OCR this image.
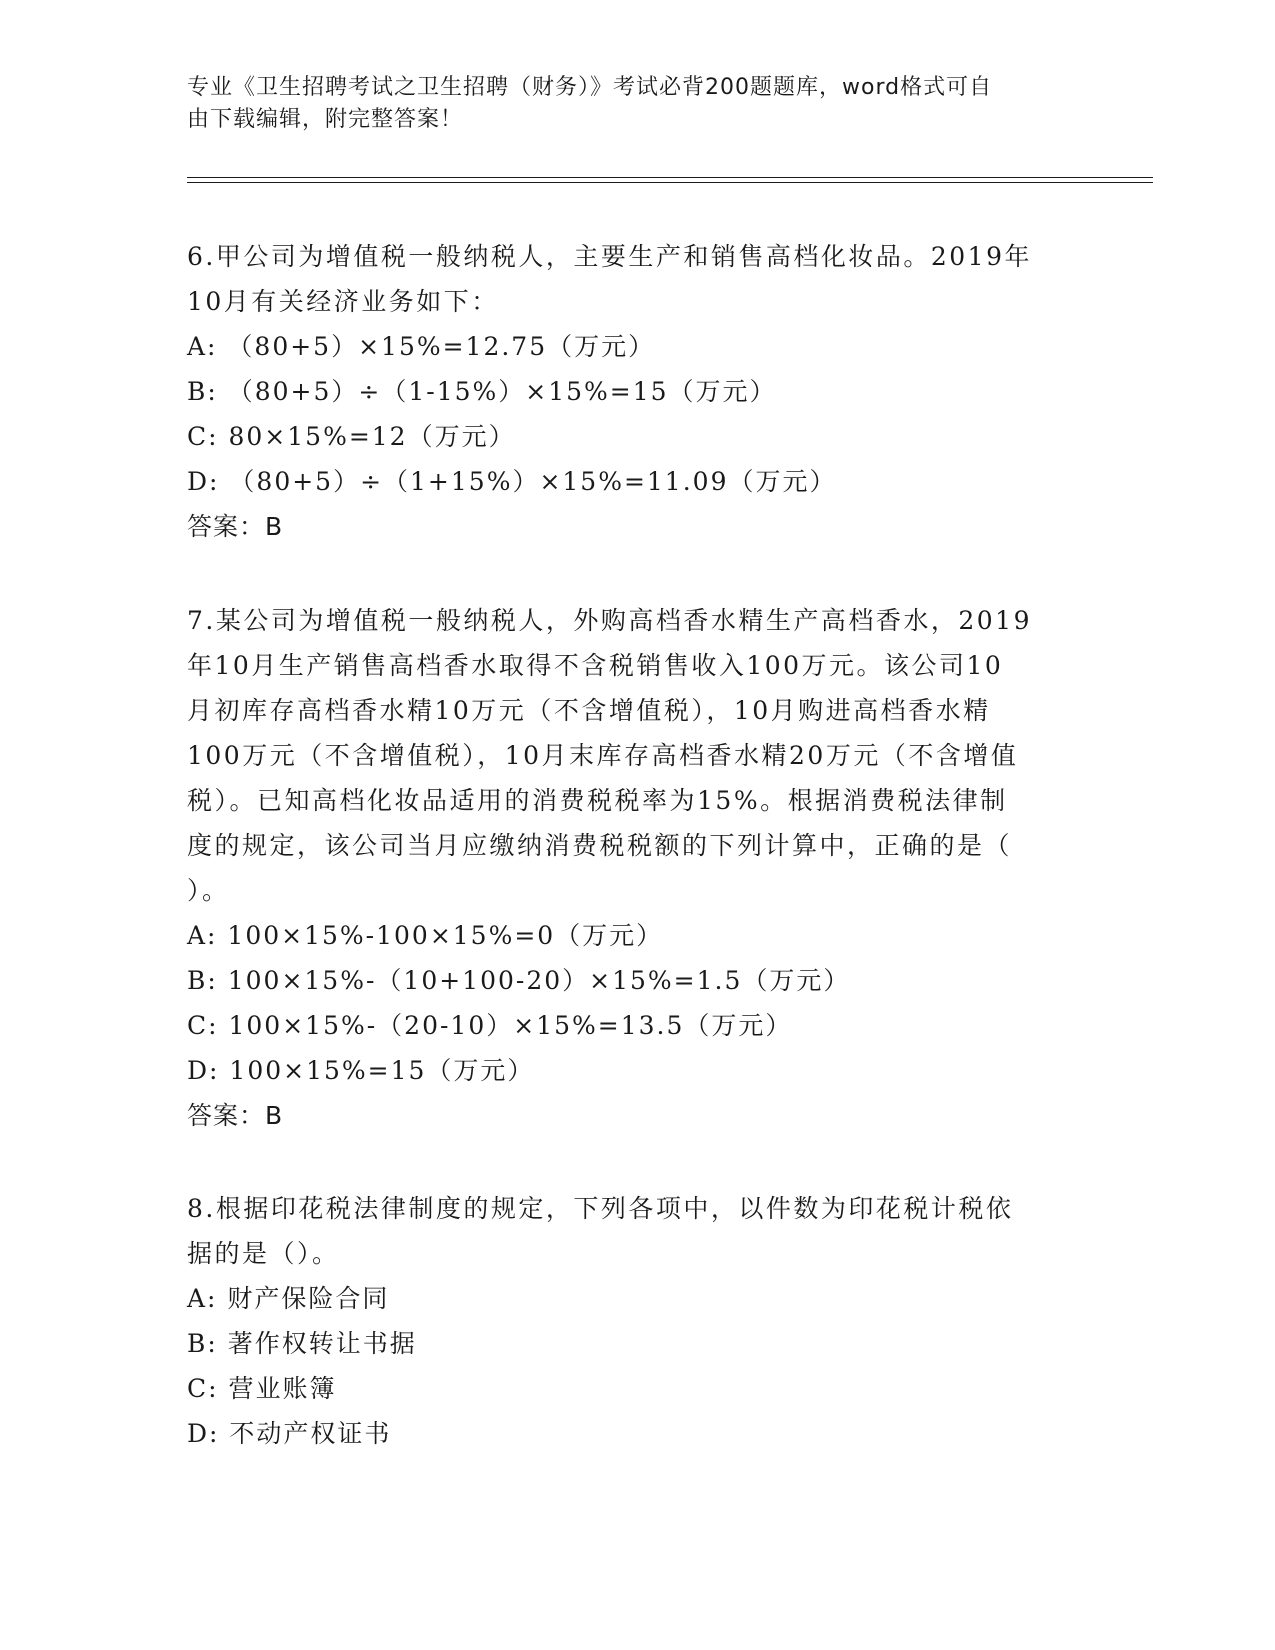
专业《卫生招聘考试之卫生招聘（财务）》考试必背200题题库，word格式可自
由下载编辑，附完整答案！

6.甲公司为增值税一般纳税人，主要生产和销售高档化妆品。2019年

10月有关经济业务如下：

A: （80+5）×15%=12.75（万元）

B: （80+5）÷（1-15%）×15%=15（万元）

C: 80×15%=12（万元）

D: （80+5）÷（1+15%）×15%=11.09（万元）

答案：B

7.某公司为增值税一般纳税人，外购高档香水精生产高档香水，2019

年10月生产销售高档香水取得不含税销售收入100万元。该公司10

月初库存高档香水精10万元（不含增值税），10月购进高档香水精

100万元（不含增值税），10月末库存高档香水精20万元（不含增值

税）。已知高档化妆品适用的消费税税率为15%。根据消费税法律制

度的规定，该公司当月应缴纳消费税税额的下列计算中，正确的是（

）。

A: 100×15%-100×15%=0（万元）

B: 100×15%-（10+100-20）×15%=1.5（万元）

C: 100×15%-（20-10）×15%=13.5（万元）

D: 100×15%=15（万元）

答案：B

8.根据印花税法律制度的规定，下列各项中，以件数为印花税计税依

据的是（）。

A: 财产保险合同

B: 著作权转让书据

C: 营业账簿

D: 不动产权证书
